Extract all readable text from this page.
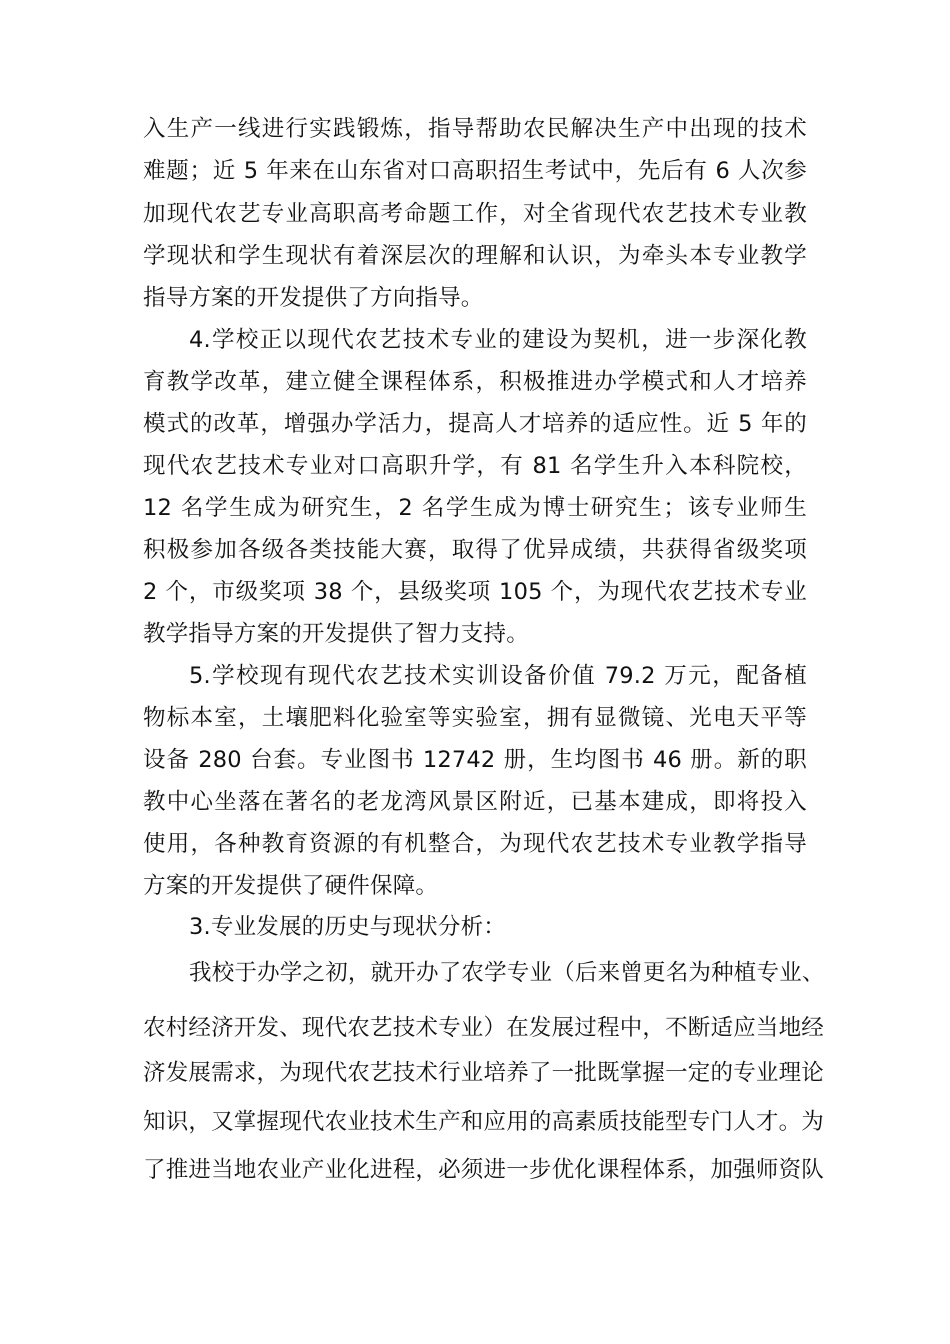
入生产一线进行实践锻炼，指导帮助农民解决生产中出现的技术
难题；近 5 年来在山东省对口高职招生考试中，先后有 6 人次参
加现代农艺专业高职高考命题工作，对全省现代农艺技术专业教
学现状和学生现状有着深层次的理解和认识，为牵头本专业教学
指导方案的开发提供了方向指导。
4.学校正以现代农艺技术专业的建设为契机，进一步深化教
育教学改革，建立健全课程体系，积极推进办学模式和人才培养
模式的改革，增强办学活力，提高人才培养的适应性。近 5 年的
现代农艺技术专业对口高职升学，有 81 名学生升入本科院校，
12 名学生成为研究生，2 名学生成为博士研究生；该专业师生
积极参加各级各类技能大赛，取得了优异成绩，共获得省级奖项
2 个，市级奖项 38 个，县级奖项 105 个，为现代农艺技术专业
教学指导方案的开发提供了智力支持。
5.学校现有现代农艺技术实训设备价值 79.2 万元，配备植
物标本室，土壤肥料化验室等实验室，拥有显微镜、光电天平等
设备 280 台套。专业图书 12742 册，生均图书 46 册。新的职
教中心坐落在著名的老龙湾风景区附近，已基本建成，即将投入
使用，各种教育资源的有机整合，为现代农艺技术专业教学指导
方案的开发提供了硬件保障。
3.专业发展的历史与现状分析：
我校于办学之初，就开办了农学专业（后来曾更名为种植专业、
农村经济开发、现代农艺技术专业）在发展过程中，不断适应当地经
济发展需求，为现代农艺技术行业培养了一批既掌握一定的专业理论
知识，又掌握现代农业技术生产和应用的高素质技能型专门人才。为
了推进当地农业产业化进程，必须进一步优化课程体系，加强师资队
